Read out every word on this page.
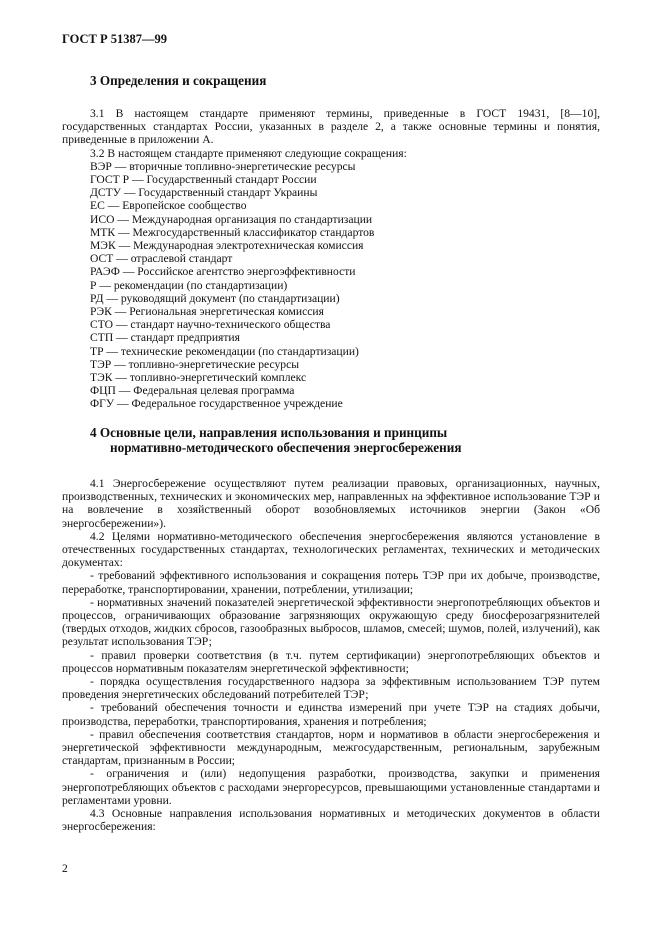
ГОСТ Р 51387—99
3 Определения и сокращения

3.1 В настоящем стандарте применяют термины, приведенные в ГОСТ 19431, [8—10], государственных стандартах России, указанных в разделе 2, а также основные термины и понятия, приведенные в приложении А.

3.2 В настоящем стандарте применяют следующие сокращения:

ВЭР — вторичные топливно-энергетические ресурсы
ГОСТ Р — Государственный стандарт России
ДСТУ — Государственный стандарт Украины
ЕС — Европейское сообщество
ИСО — Международная организация по стандартизации
МТК — Межгосударственный классификатор стандартов
МЭК — Международная электротехническая комиссия
ОСТ — отраслевой стандарт
РАЭФ — Российское агентство энергоэффективности
Р — рекомендации (по стандартизации)
РД — руководящий документ (по стандартизации)
РЭК — Региональная энергетическая комиссия
СТО — стандарт научно-технического общества
СТП — стандарт предприятия
ТР — технические рекомендации (по стандартизации)
ТЭР — топливно-энергетические ресурсы
ТЭК — топливно-энергетический комплекс
ФЦП — Федеральная целевая программа
ФГУ — Федеральное государственное учреждение
4 Основные цели, направления использования и принципы
нормативно-методического обеспечения энергосбережения

4.1 Энергосбережение осуществляют путем реализации правовых, организационных, научных, производственных, технических и экономических мер, направленных на эффективное использование ТЭР и на вовлечение в хозяйственный оборот возобновляемых источников энергии (Закон «Об энергосбережении»).

4.2 Целями нормативно-методического обеспечения энергосбережения являются установление в отечественных государственных стандартах, технологических регламентах, технических и методических документах:

- требований эффективного использования и сокращения потерь ТЭР при их добыче, производстве, переработке, транспортировании, хранении, потреблении, утилизации;

- нормативных значений показателей энергетической эффективности энергопотребляющих объектов и процессов, ограничивающих образование загрязняющих окружающую среду биосферозагрязнителей (твердых отходов, жидких сбросов, газообразных выбросов, шламов, смесей; шумов, полей, излучений), как результат использования ТЭР;

- правил проверки соответствия (в т.ч. путем сертификации) энергопотребляющих объектов и процессов нормативным показателям энергетической эффективности;

- порядка осуществления государственного надзора за эффективным использованием ТЭР путем проведения энергетических обследований потребителей ТЭР;

- требований обеспечения точности и единства измерений при учете ТЭР на стадиях добычи, производства, переработки, транспортирования, хранения и потребления;

- правил обеспечения соответствия стандартов, норм и нормативов в области энергосбережения и энергетической эффективности международным, межгосударственным, региональным, зарубежным стандартам, признанным в России;

- ограничения и (или) недопущения разработки, производства, закупки и применения энергопотребляющих объектов с расходами энергоресурсов, превышающими установленные стандартами и регламентами уровни.

4.3 Основные направления использования нормативных и методических документов в области энергосбережения:

2
